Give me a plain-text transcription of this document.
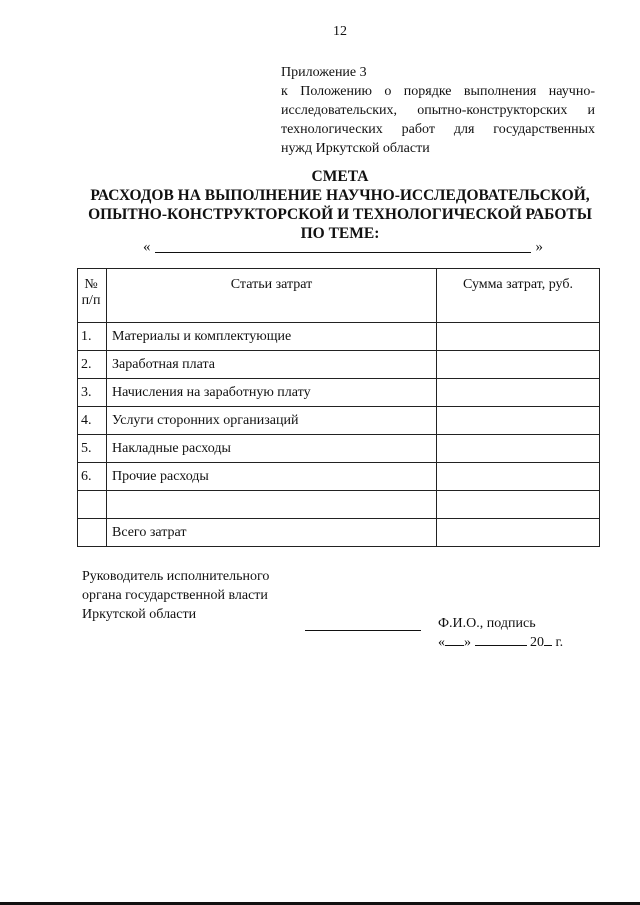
12
Приложение 3
к Положению о порядке выполнения научно-
исследовательских, опытно-конструкторских и
технологических работ для государственных
нужд Иркутской области
СМЕТА
РАСХОДОВ НА ВЫПОЛНЕНИЕ НАУЧНО-ИССЛЕДОВАТЕЛЬСКОЙ,
ОПЫТНО-КОНСТРУКТОРСКОЙ И ТЕХНОЛОГИЧЕСКОЙ РАБОТЫ
ПО ТЕМЕ:
«	»
№ п/п	Статьи затрат	Сумма затрат, руб.
1.	Материалы и комплектующие	
2.	Заработная плата	
3.	Начисления на заработную плату	
4.	Услуги сторонних организаций	
5.	Накладные расходы	
6.	Прочие расходы	

	Всего затрат	
Руководитель исполнительного
органа государственной власти
Иркутской области
Ф.И.О., подпись
« »	20 г.
